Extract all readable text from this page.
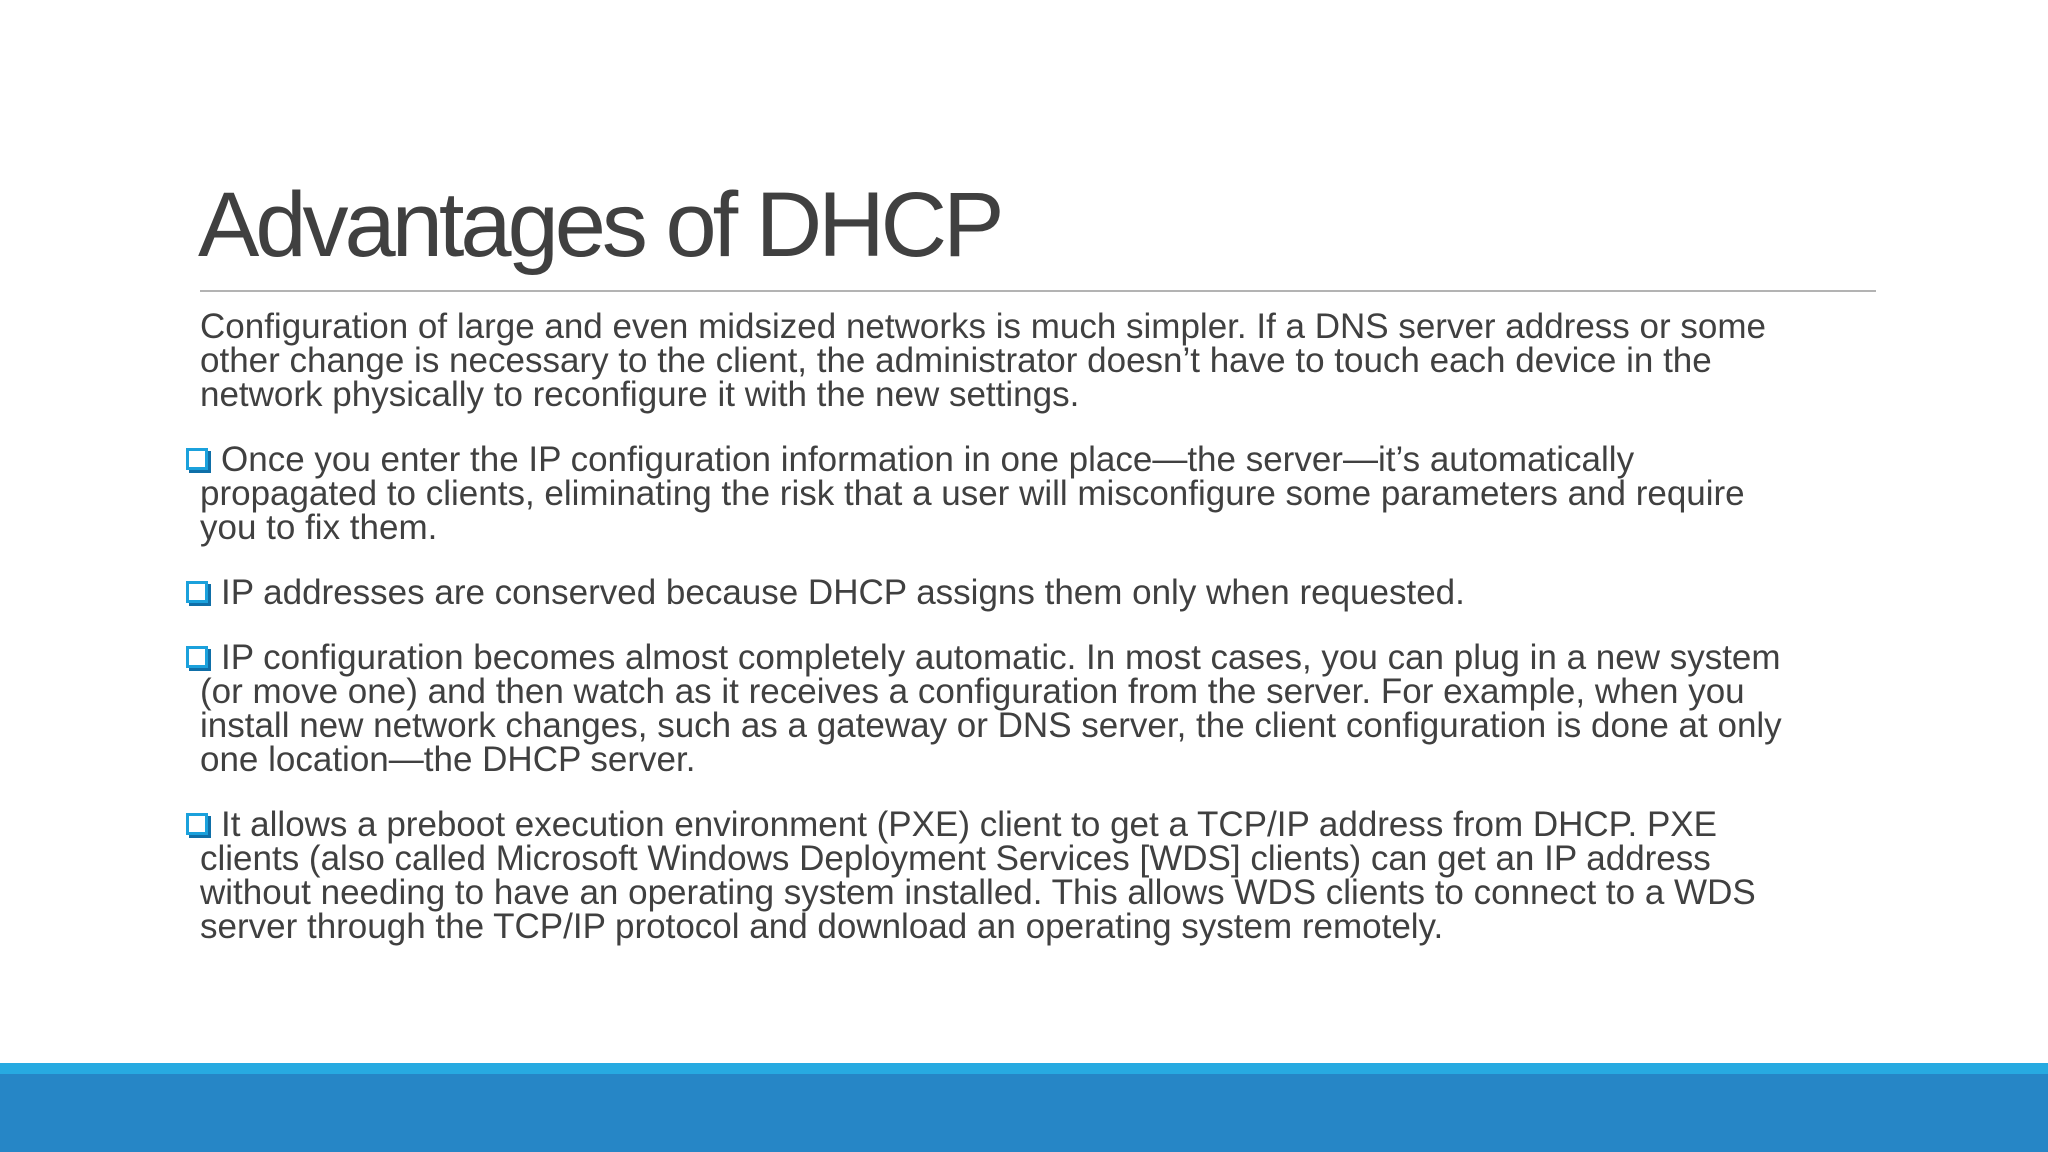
Advantages of DHCP

Configuration of large and even midsized networks is much simpler. If a DNS server address or some
other change is necessary to the client, the administrator doesn’t have to touch each device in the
network physically to reconfigure it with the new settings.

Once you enter the IP configuration information in one place—the server—it’s automatically
propagated to clients, eliminating the risk that a user will misconfigure some parameters and require
you to fix them.

IP addresses are conserved because DHCP assigns them only when requested.

IP configuration becomes almost completely automatic. In most cases, you can plug in a new system
(or move one) and then watch as it receives a configuration from the server. For example, when you
install new network changes, such as a gateway or DNS server, the client configuration is done at only
one location—the DHCP server.

It allows a preboot execution environment (PXE) client to get a TCP/IP address from DHCP. PXE
clients (also called Microsoft Windows Deployment Services [WDS] clients) can get an IP address
without needing to have an operating system installed. This allows WDS clients to connect to a WDS
server through the TCP/IP protocol and download an operating system remotely.
